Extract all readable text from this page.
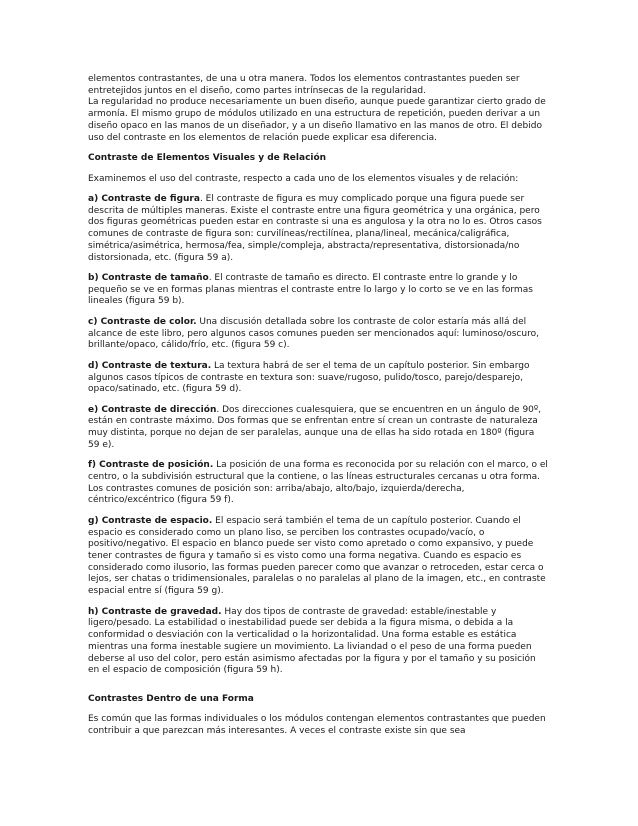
elementos contrastantes, de una u otra manera. Todos los elementos contrastantes pueden ser entretejidos juntos en el diseño, como partes intrínsecas de la regularidad.

La regularidad no produce necesariamente un buen diseño, aunque puede garantizar cierto grado de armonía. El mismo grupo de módulos utilizado en una estructura de repetición, pueden derivar a un diseño opaco en las manos de un diseñador, y a un diseño llamativo en las manos de otro. El debido uso del contraste en los elementos de relación puede explicar esa diferencia.

Contraste de Elementos Visuales y de Relación

Examinemos el uso del contraste, respecto a cada uno de los elementos visuales y de relación:

a) Contraste de figura. El contraste de figura es muy complicado porque una figura puede ser descrita de múltiples maneras. Existe el contraste entre una figura geométrica y una orgánica, pero dos figuras geométricas pueden estar en contraste si una es angulosa y la otra no lo es. Otros casos comunes de contraste de figura son: curvilíneas/rectilínea, plana/lineal, mecánica/caligráfica, simétrica/asimétrica, hermosa/fea, simple/compleja, abstracta/representativa, distorsionada/no distorsionada, etc. (figura 59 a).

b) Contraste de tamaño. El contraste de tamaño es directo. El contraste entre lo grande y lo pequeño se ve en formas planas mientras el contraste entre lo largo y lo corto se ve en las formas lineales (figura 59 b).

c) Contraste de color. Una discusión detallada sobre los contraste de color estaría más allá del alcance de este libro, pero algunos casos comunes pueden ser mencionados aquí: luminoso/oscuro, brillante/opaco, cálido/frío, etc. (figura 59 c).

d) Contraste de textura. La textura habrá de ser el tema de un capítulo posterior. Sin embargo algunos casos típicos de contraste en textura son: suave/rugoso, pulido/tosco, parejo/desparejo, opaco/satinado, etc. (figura 59 d).

e) Contraste de dirección. Dos direcciones cualesquiera, que se encuentren en un ángulo de 90º, están en contraste máximo. Dos formas que se enfrentan entre sí crean un contraste de naturaleza muy distinta, porque no dejan de ser paralelas, aunque una de ellas ha sido rotada en 180º (figura 59 e).

f) Contraste de posición. La posición de una forma es reconocida por su relación con el marco, o el centro, o la subdivisión estructural que la contiene, o las líneas estructurales cercanas u otra forma. Los contrastes comunes de posición son: arriba/abajo, alto/bajo, izquierda/derecha, céntrico/excéntrico (figura 59 f).

g) Contraste de espacio. El espacio será también el tema de un capítulo posterior. Cuando el espacio es considerado como un plano liso, se perciben los contrastes ocupado/vacío, o positivo/negativo. El espacio en blanco puede ser visto como apretado o como expansivo, y puede tener contrastes de figura y tamaño si es visto como una forma negativa. Cuando es espacio es considerado como ilusorio, las formas pueden parecer como que avanzar o retroceden, estar cerca o lejos, ser chatas o tridimensionales, paralelas o no paralelas al plano de la imagen, etc., en contraste espacial entre sí (figura 59 g).

h) Contraste de gravedad. Hay dos tipos de contraste de gravedad: estable/inestable y ligero/pesado. La estabilidad o inestabilidad puede ser debida a la figura misma, o debida a la conformidad o desviación con la verticalidad o la horizontalidad. Una forma estable es estática mientras una forma inestable sugiere un movimiento. La liviandad o el peso de una forma pueden deberse al uso del color, pero están asimismo afectadas por la figura y por el tamaño y su posición en el espacio de composición (figura 59 h).

Contrastes Dentro de una Forma

Es común que las formas individuales o los módulos contengan elementos contrastantes que pueden contribuir a que parezcan más interesantes. A veces el contraste existe sin que sea
